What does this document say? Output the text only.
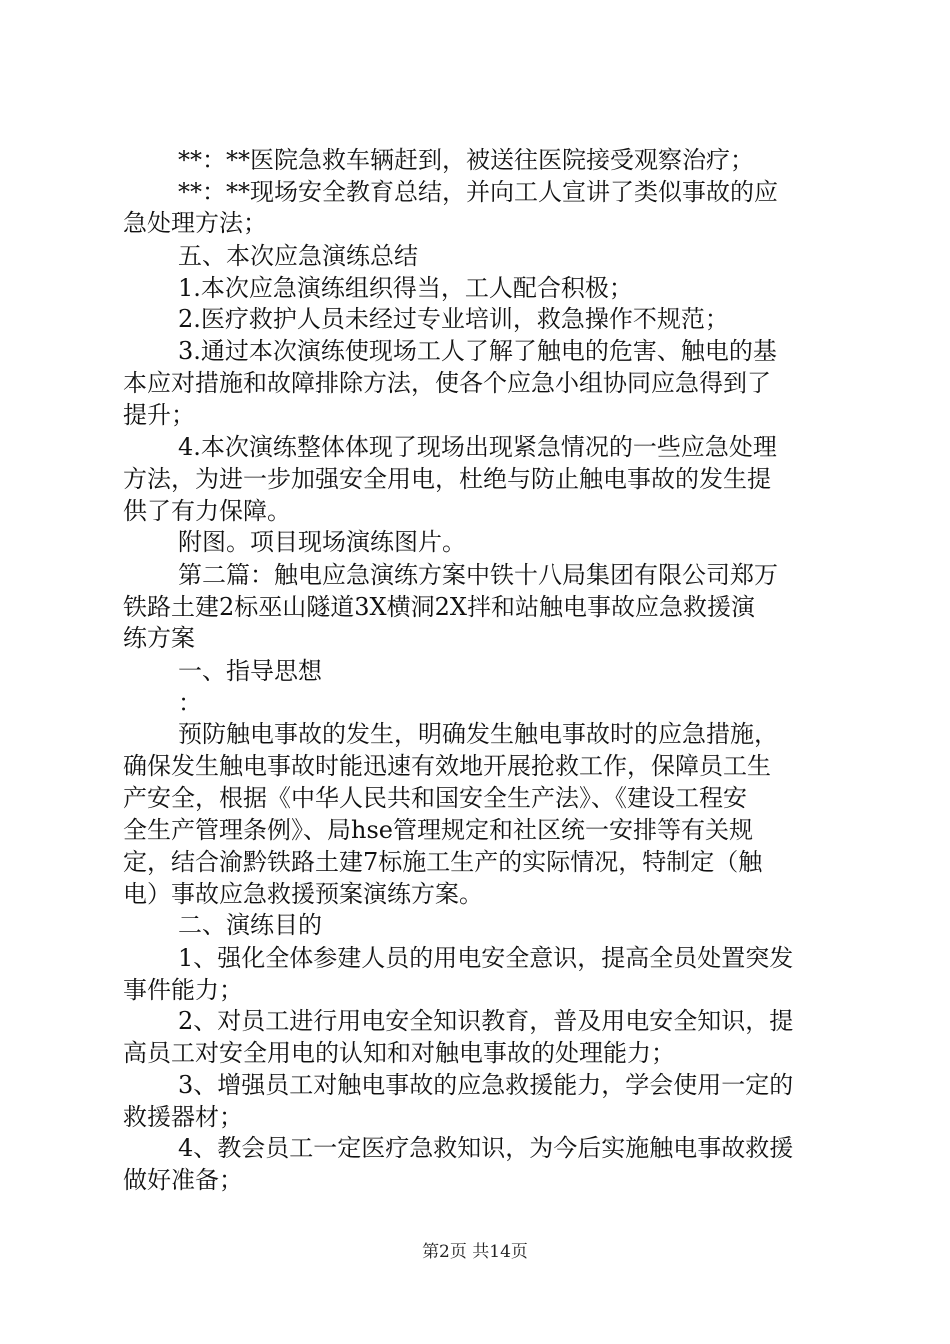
**：**医院急救车辆赶到，被送往医院接受观察治疗；
**：**现场安全教育总结，并向工人宣讲了类似事故的应
急处理方法；
五、本次应急演练总结
1.本次应急演练组织得当，工人配合积极；
2.医疗救护人员未经过专业培训，救急操作不规范；
3.通过本次演练使现场工人了解了触电的危害、触电的基
本应对措施和故障排除方法，使各个应急小组协同应急得到了
提升；
4.本次演练整体体现了现场出现紧急情况的一些应急处理
方法，为进一步加强安全用电，杜绝与防止触电事故的发生提
供了有力保障。
附图。项目现场演练图片。
第二篇：触电应急演练方案中铁十八局集团有限公司郑万
铁路土建2标巫山隧道3X横洞2X拌和站触电事故应急救援演
练方案
一、指导思想
：
预防触电事故的发生，明确发生触电事故时的应急措施，
确保发生触电事故时能迅速有效地开展抢救工作，保障员工生
产安全，根据《中华人民共和国安全生产法》、《建设工程安
全生产管理条例》、局hse管理规定和社区统一安排等有关规
定，结合渝黔铁路土建7标施工生产的实际情况，特制定（触
电）事故应急救援预案演练方案。
二、演练目的
1、强化全体参建人员的用电安全意识，提高全员处置突发
事件能力；
2、对员工进行用电安全知识教育，普及用电安全知识，提
高员工对安全用电的认知和对触电事故的处理能力；
3、增强员工对触电事故的应急救援能力，学会使用一定的
救援器材；
4、教会员工一定医疗急救知识，为今后实施触电事故救援
做好准备；
第2页 共14页
